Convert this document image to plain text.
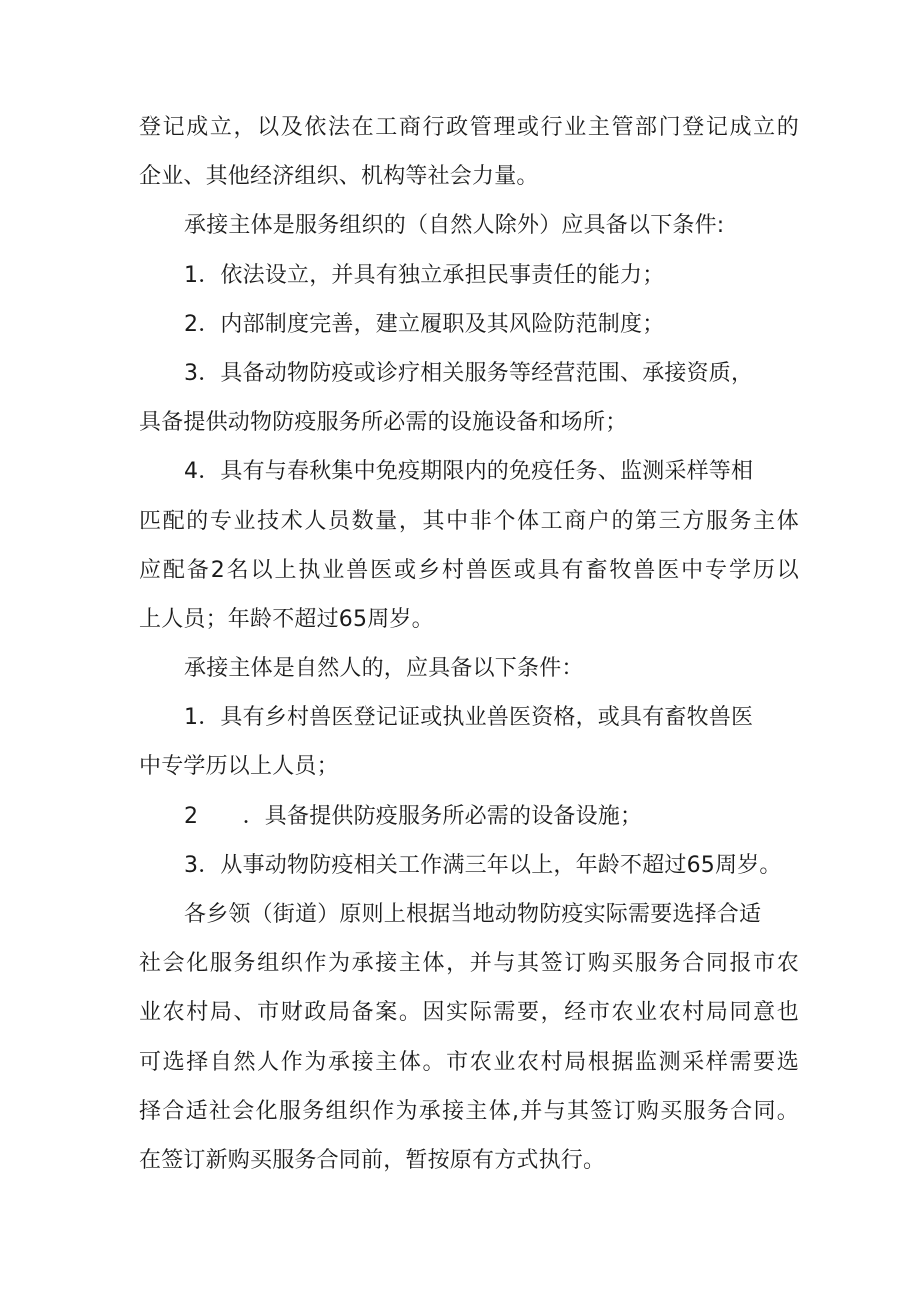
登记成立，以及依法在工商行政管理或行业主管部门登记成立的
企业、其他经济组织、机构等社会力量。
承接主体是服务组织的（自然人除外）应具备以下条件:
1．依法设立，并具有独立承担民事责任的能力；
2．内部制度完善，建立履职及其风险防范制度；
3．具备动物防疫或诊疗相关服务等经营范围、承接资质，
具备提供动物防疫服务所必需的设施设备和场所；
4．具有与春秋集中免疫期限内的免疫任务、监测采样等相
匹配的专业技术人员数量，其中非个体工商户的第三方服务主体
应配备2名以上执业兽医或乡村兽医或具有畜牧兽医中专学历以
上人员；年龄不超过65周岁。
承接主体是自然人的，应具备以下条件：
1．具有乡村兽医登记证或执业兽医资格，或具有畜牧兽医
中专学历以上人员；
2　　．具备提供防疫服务所必需的设备设施；
3．从事动物防疫相关工作满三年以上，年龄不超过65周岁。
各乡领（街道）原则上根据当地动物防疫实际需要选择合适
社会化服务组织作为承接主体，并与其签订购买服务合同报市农
业农村局、市财政局备案。因实际需要，经市农业农村局同意也
可选择自然人作为承接主体。市农业农村局根据监测采样需要选
择合适社会化服务组织作为承接主体,并与其签订购买服务合同。
在签订新购买服务合同前，暂按原有方式执行。
